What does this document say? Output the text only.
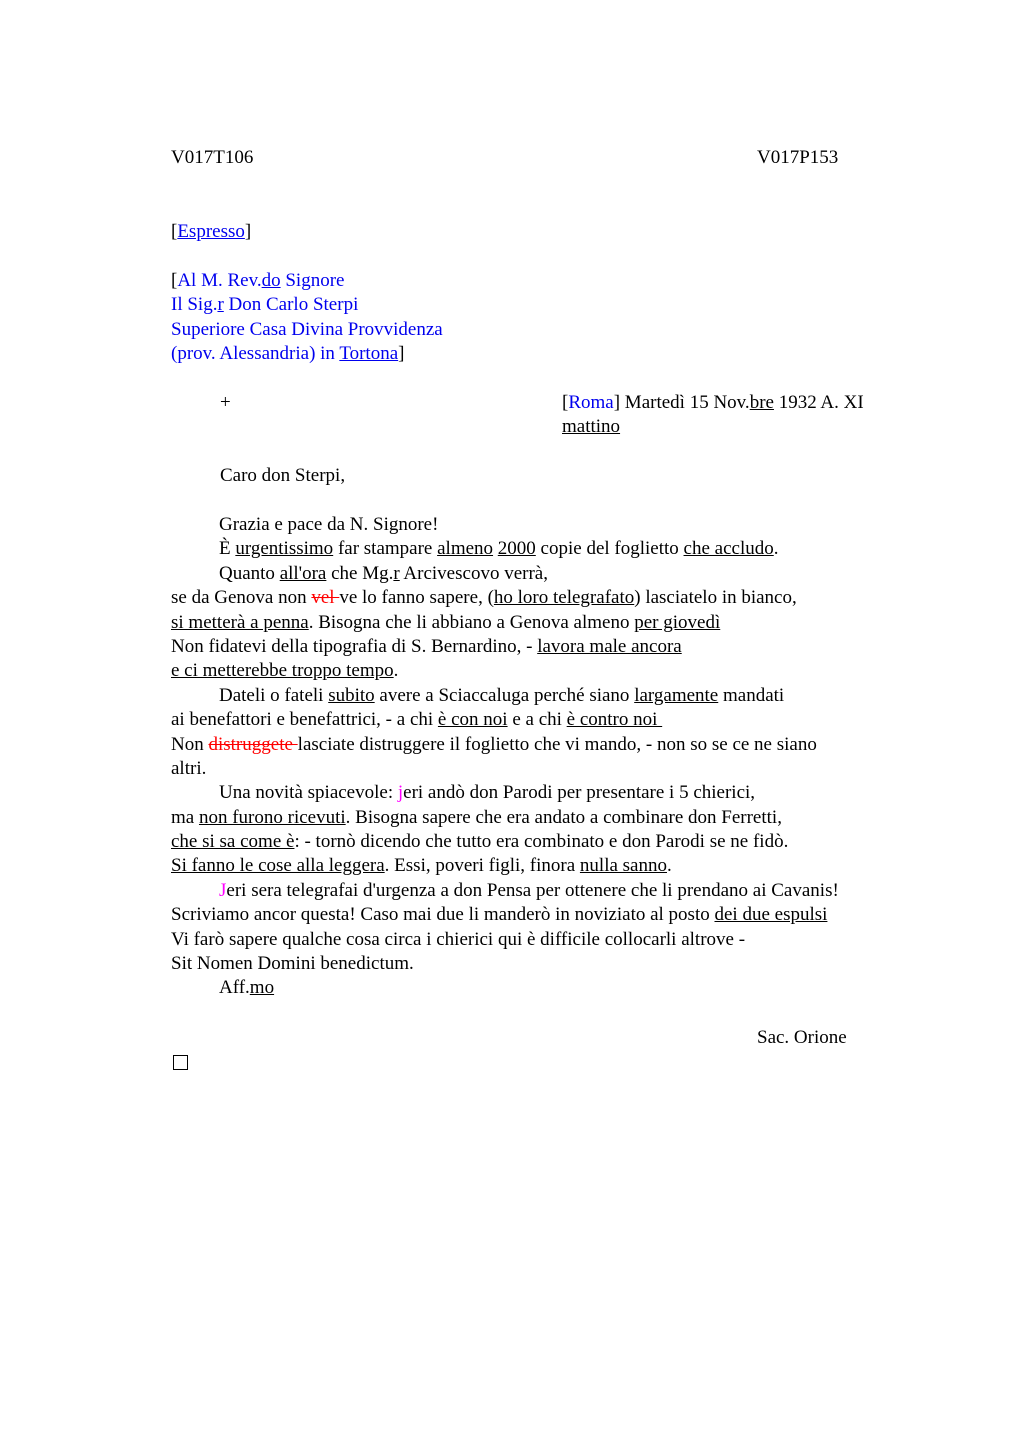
V017T106	V017P153
[Espresso]
[Al M. Rev.do Signore
Il Sig.r Don Carlo Sterpi
Superiore Casa Divina Provvidenza
(prov. Alessandria) in Tortona]
+	[Roma] Martedì 15 Nov.bre 1932 A. XI
mattino
Caro don Sterpi,
Grazia e pace da N. Signore!
È urgentissimo far stampare almeno 2000 copie del foglietto che accludo.
Quanto all'ora che Mg.r Arcivescovo verrà,
se da Genova non vel ve lo fanno sapere, (ho loro telegrafato) lasciatelo in bianco,
si metterà a penna. Bisogna che li abbiano a Genova almeno per giovedì
Non fidatevi della tipografia di S. Bernardino, - lavora male ancora
e ci metterebbe troppo tempo.
Dateli o fateli subito avere a Sciaccaluga perché siano largamente mandati
ai benefattori e benefattrici, - a chi è con noi e a chi è contro noi
Non distruggete lasciate distruggere il foglietto che vi mando, - non so se ce ne siano
altri.
Una novità spiacevole: jeri andò don Parodi per presentare i 5 chierici,
ma non furono ricevuti. Bisogna sapere che era andato a combinare don Ferretti,
che si sa come è: - tornò dicendo che tutto era combinato e don Parodi se ne fidò.
Si fanno le cose alla leggera. Essi, poveri figli, finora nulla sanno.
Jeri sera telegrafai d'urgenza a don Pensa per ottenere che li prendano ai Cavanis!
Scriviamo ancor questa! Caso mai due li manderò in noviziato al posto dei due espulsi
Vi farò sapere qualche cosa circa i chierici qui è difficile collocarli altrove -
Sit Nomen Domini benedictum.
Aff.mo
Sac. Orione
